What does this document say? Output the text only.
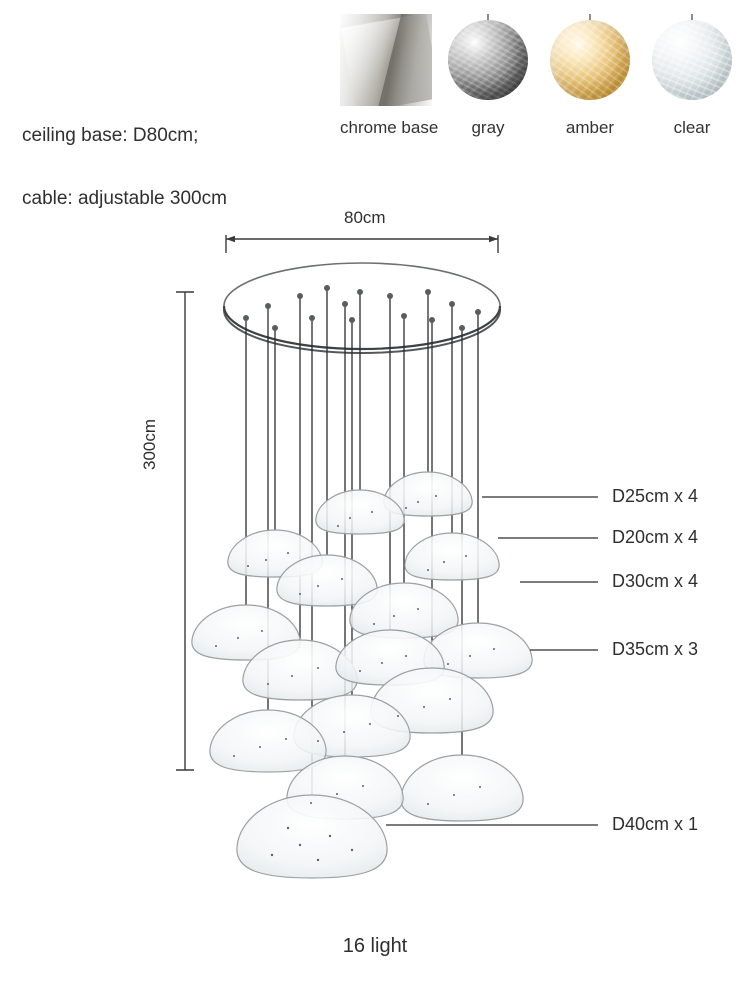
chrome base	gray	amber	clear
ceiling base: D80cm;
cable: adjustable 300cm
80cm
300cm
D25cm x 4
D20cm x 4
D30cm x 4
D35cm x 3
D40cm x 1
16 light
